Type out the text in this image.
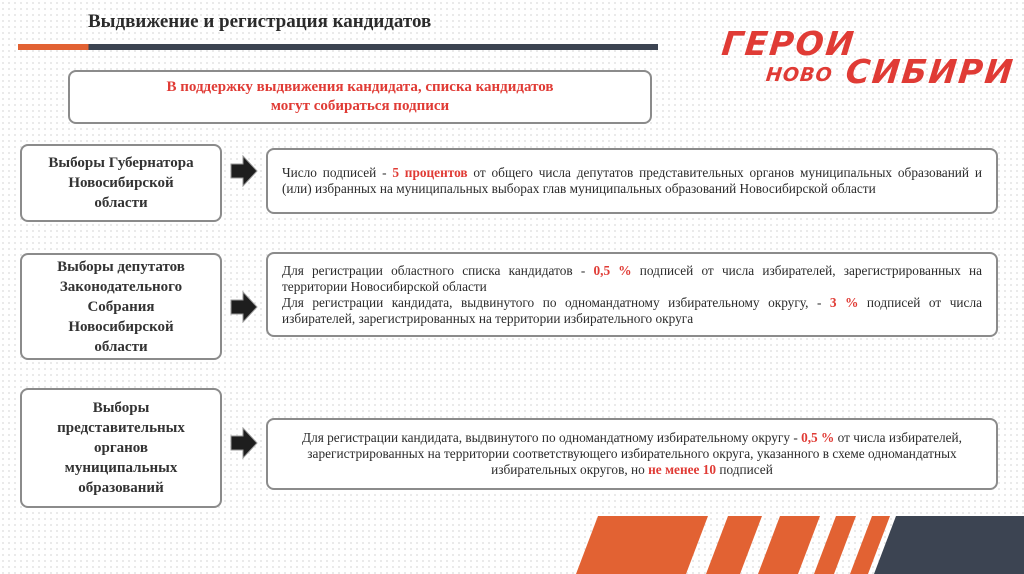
Выдвижение и регистрация кандидатов
ГЕРОИ
НОВО СИБИРИ
В поддержку выдвижения кандидата, списка кандидатов
могут собираться подписи
Выборы Губернатора
Новосибирской
области
Число подписей - 5 процентов от общего числа депутатов представительных органов муниципальных образований и (или) избранных на муниципальных выборах глав муниципальных образований Новосибирской области
Выборы депутатов
Законодательного
Собрания
Новосибирской
области
Для регистрации областного списка кандидатов - 0,5 % подписей от числа избирателей, зарегистрированных на территории Новосибирской области
Для регистрации кандидата, выдвинутого по одномандатному избирательному округу, - 3 % подписей от числа избирателей, зарегистрированных на территории избирательного округа
Выборы
представительных
органов
муниципальных
образований
Для регистрации кандидата, выдвинутого по одномандатному избирательному округу - 0,5 % от числа избирателей, зарегистрированных на территории соответствующего избирательного округа, указанного в схеме одномандатных избирательных округов, но не менее 10 подписей
